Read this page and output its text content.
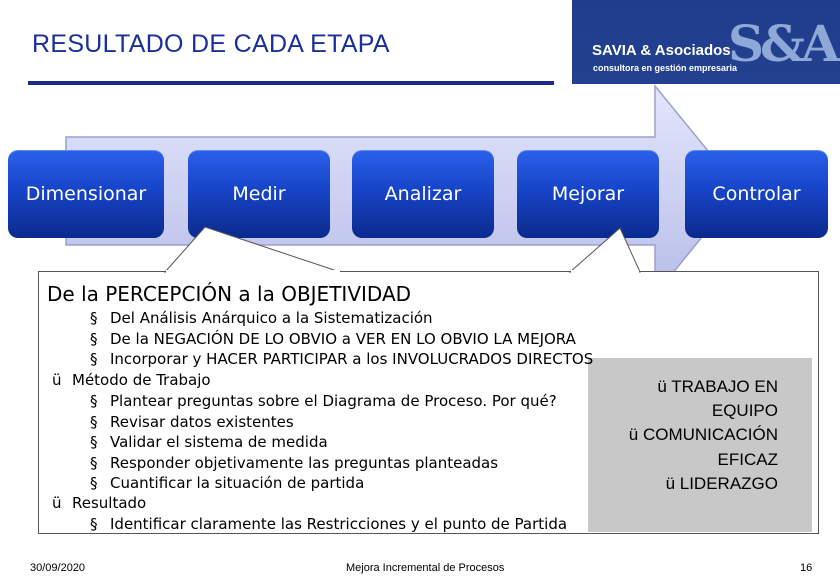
RESULTADO DE CADA ETAPA	S&A
SAVIA & Asociados
consultora en gestión empresaria
Dimensionar	Medir	Analizar	Mejorar	Controlar
De la PERCEPCIÓN a la OBJETIVIDAD
§ Del Análisis Anárquico a la Sistematización
§ De la NEGACIÓN DE LO OBVIO a VER EN LO OBVIO LA MEJORA
§ Incorporar y HACER PARTICIPAR a los INVOLUCRADOS DIRECTOS
ü Método de Trabajo
§ Plantear preguntas sobre el Diagrama de Proceso. Por qué?
§ Revisar datos existentes
§ Validar el sistema de medida
§ Responder objetivamente las preguntas planteadas
§ Cuantificar la situación de partida
ü Resultado
§ Identificar claramente las Restricciones y el punto de Partida
ü TRABAJO EN
EQUIPO
ü COMUNICACIÓN
EFICAZ
ü LIDERAZGO
30/09/2020	Mejora Incremental de Procesos	16
